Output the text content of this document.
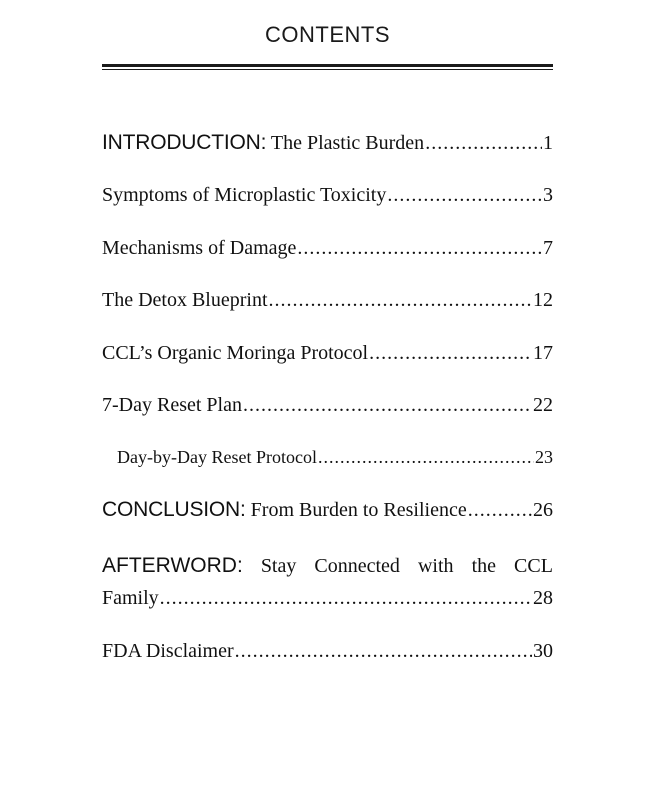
CONTENTS
INTRODUCTION: The Plastic Burden .....	1
Symptoms of Microplastic Toxicity .....	3
Mechanisms of Damage .....	7
The Detox Blueprint .....	12
CCL’s Organic Moringa Protocol .....	17
7-Day Reset Plan .....	22
Day-by-Day Reset Protocol .....	23
CONCLUSION: From Burden to Resilience .....	26
AFTERWORD: Stay Connected with the CCL
Family .....	28
FDA Disclaimer .....	30
